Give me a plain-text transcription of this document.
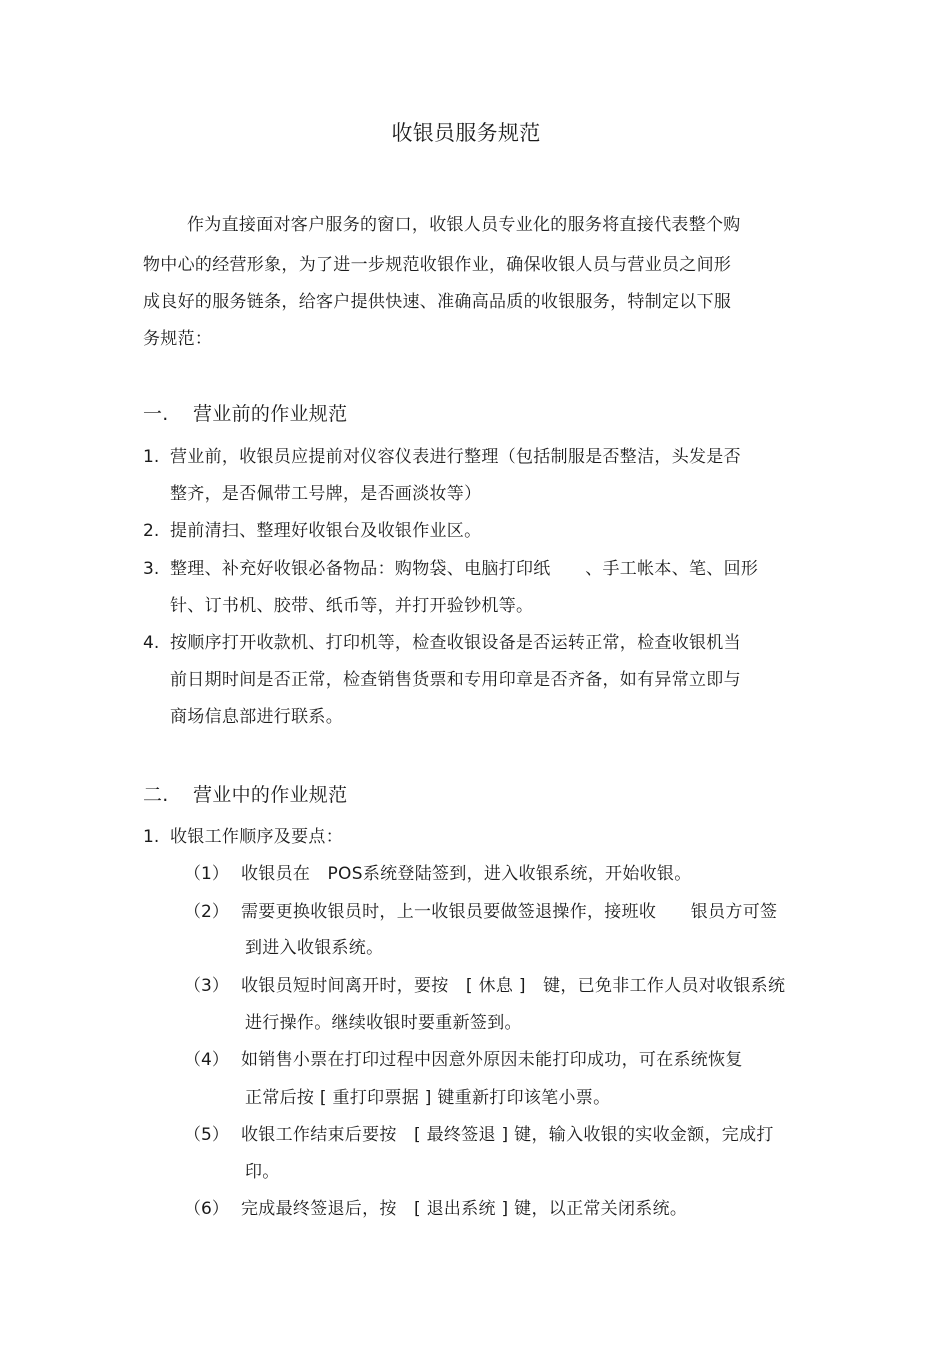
收银员服务规范
作为直接面对客户服务的窗口，收银人员专业化的服务将直接代表整个购
物中心的经营形象，为了进一步规范收银作业，确保收银人员与营业员之间形
成良好的服务链条，给客户提供快速、准确高品质的收银服务，特制定以下服
务规范：
一. 营业前的作业规范
1. 营业前，收银员应提前对仪容仪表进行整理（包括制服是否整洁，头发是否
整齐，是否佩带工号牌，是否画淡妆等）
2. 提前清扫、整理好收银台及收银作业区。
3. 整理、补充好收银必备物品：购物袋、电脑打印纸　　、手工帐本、笔、回形
针、订书机、胶带、纸币等，并打开验钞机等。
4. 按顺序打开收款机、打印机等，检查收银设备是否运转正常，检查收银机当
前日期时间是否正常，检查销售货票和专用印章是否齐备，如有异常立即与
商场信息部进行联系。
二. 营业中的作业规范
1. 收银工作顺序及要点：
（1） 收银员在　POS系统登陆签到，进入收银系统，开始收银。
（2） 需要更换收银员时，上一收银员要做签退操作，接班收　　银员方可签
到进入收银系统。
（3） 收银员短时间离开时，要按　[ 休息 ]　键，已免非工作人员对收银系统
进行操作。继续收银时要重新签到。
（4） 如销售小票在打印过程中因意外原因未能打印成功，可在系统恢复
正常后按 [ 重打印票据 ] 键重新打印该笔小票。
（5） 收银工作结束后要按　[ 最终签退 ] 键，输入收银的实收金额，完成打
印。
（6） 完成最终签退后，按　[ 退出系统 ] 键，以正常关闭系统。
